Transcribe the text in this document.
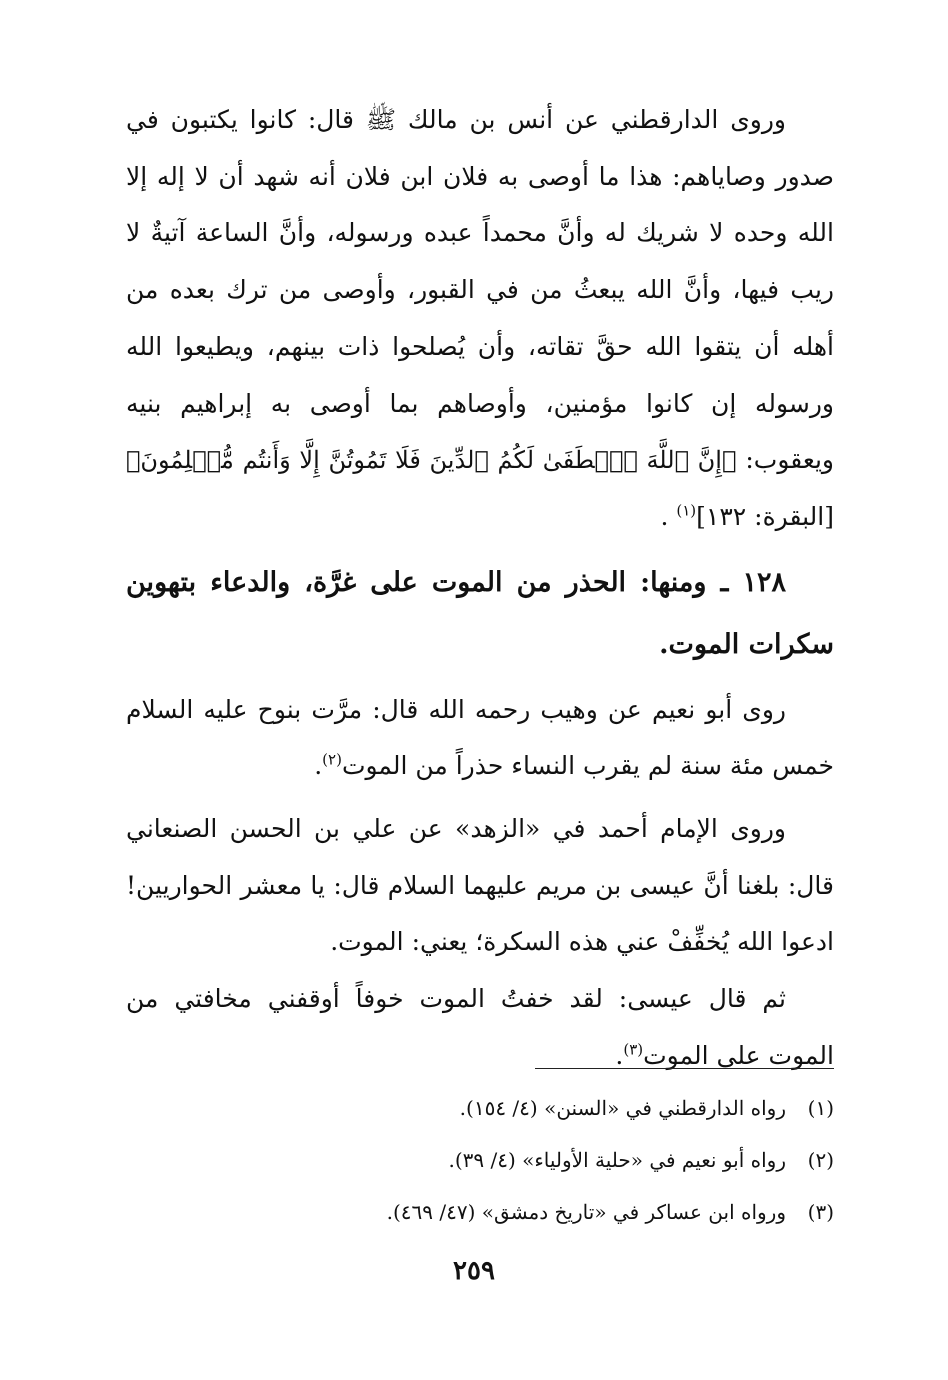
وروى الدارقطني عن أنس بن مالك ﷺ قال: كانوا يكتبون في صدور وصاياهم: هذا ما أوصى به فلان ابن فلان أنه شهد أن لا إله إلا الله وحده لا شريك له وأنَّ محمداً عبده ورسوله، وأنَّ الساعة آتيةٌ لا ريب فيها، وأنَّ الله يبعثُ من في القبور، وأوصى من ترك بعده من أهله أن يتقوا الله حقَّ تقاته، وأن يُصلحوا ذات بينهم، ويطيعوا الله ورسوله إن كانوا مؤمنين، وأوصاهم بما أوصى به إبراهيم بنيه ويعقوب: ﴿إِنَّ ٱللَّهَ ٱصۡطَفَىٰ لَكُمُ ٱلدِّينَ فَلَا تَمُوتُنَّ إِلَّا وَأَنتُم مُّسۡلِمُونَ﴾[البقرة: ١٣٢]$^{(١)}$ .

١٢٨ ـ ومنها: الحذر من الموت على غرَّة، والدعاء بتهوين سكرات الموت.

روى أبو نعيم عن وهيب رحمه الله قال: مرَّت بنوح عليه السلام خمس مئة سنة لم يقرب النساء حذراً من الموت$^{(٢)}$.

وروى الإمام أحمد في «الزهد» عن علي بن الحسن الصنعاني قال: بلغنا أنَّ عيسى بن مريم عليهما السلام قال: يا معشر الحواريين! ادعوا الله يُخفِّفْ عني هذه السكرة؛ يعني: الموت.

ثم قال عيسى: لقد خفتُ الموت خوفاً أوقفني مخافتي من الموت على الموت$^{(٣)}$.

(١)رواه الدارقطني في «السنن» (٤/ ١٥٤).
(٢)رواه أبو نعيم في «حلية الأولياء» (٤/ ٣٩).
(٣)ورواه ابن عساكر في «تاريخ دمشق» (٤٧/ ٤٦٩).
٢٥٩
